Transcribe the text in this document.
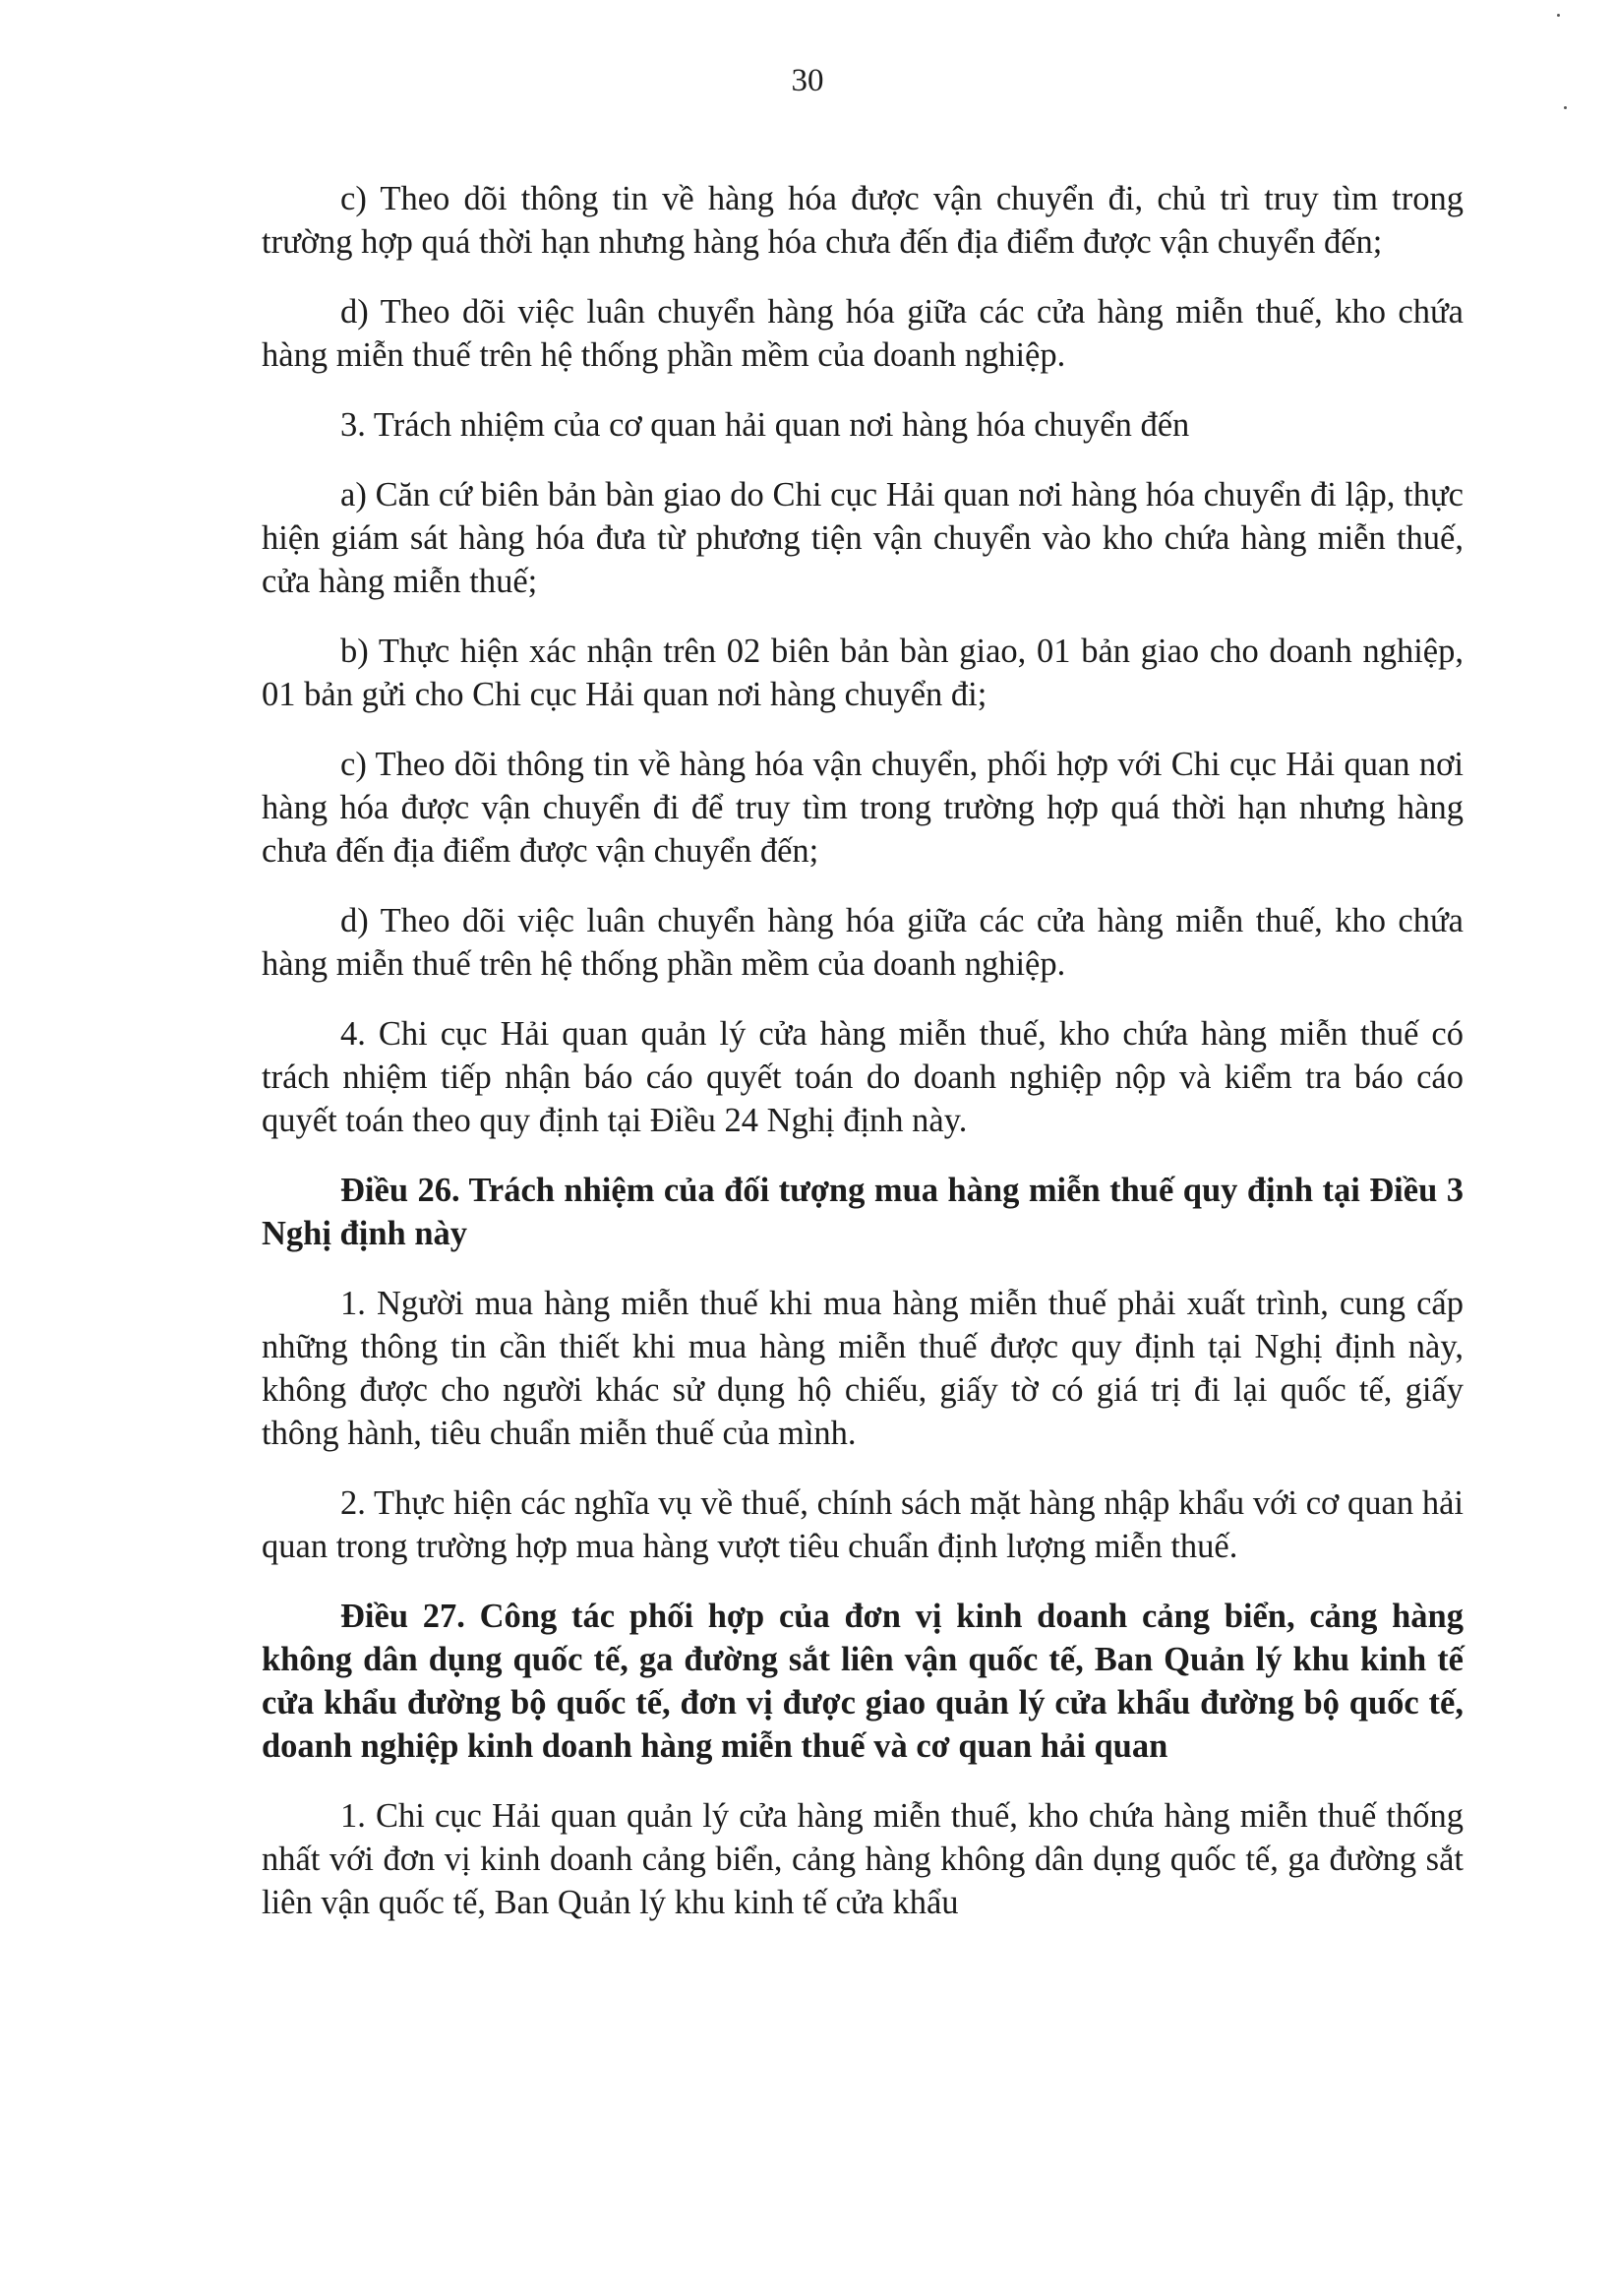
30

c) Theo dõi thông tin về hàng hóa được vận chuyển đi, chủ trì truy tìm trong trường hợp quá thời hạn nhưng hàng hóa chưa đến địa điểm được vận chuyển đến;

d) Theo dõi việc luân chuyển hàng hóa giữa các cửa hàng miễn thuế, kho chứa hàng miễn thuế trên hệ thống phần mềm của doanh nghiệp.

3. Trách nhiệm của cơ quan hải quan nơi hàng hóa chuyển đến

a) Căn cứ biên bản bàn giao do Chi cục Hải quan nơi hàng hóa chuyển đi lập, thực hiện giám sát hàng hóa đưa từ phương tiện vận chuyển vào kho chứa hàng miễn thuế, cửa hàng miễn thuế;

b) Thực hiện xác nhận trên 02 biên bản bàn giao, 01 bản giao cho doanh nghiệp, 01 bản gửi cho Chi cục Hải quan nơi hàng chuyển đi;

c) Theo dõi thông tin về hàng hóa vận chuyển, phối hợp với Chi cục Hải quan nơi hàng hóa được vận chuyển đi để truy tìm trong trường hợp quá thời hạn nhưng hàng chưa đến địa điểm được vận chuyển đến;

d) Theo dõi việc luân chuyển hàng hóa giữa các cửa hàng miễn thuế, kho chứa hàng miễn thuế trên hệ thống phần mềm của doanh nghiệp.

4. Chi cục Hải quan quản lý cửa hàng miễn thuế, kho chứa hàng miễn thuế có trách nhiệm tiếp nhận báo cáo quyết toán do doanh nghiệp nộp và kiểm tra báo cáo quyết toán theo quy định tại Điều 24 Nghị định này.

Điều 26. Trách nhiệm của đối tượng mua hàng miễn thuế quy định tại Điều 3 Nghị định này

1. Người mua hàng miễn thuế khi mua hàng miễn thuế phải xuất trình, cung cấp những thông tin cần thiết khi mua hàng miễn thuế được quy định tại Nghị định này, không được cho người khác sử dụng hộ chiếu, giấy tờ có giá trị đi lại quốc tế, giấy thông hành, tiêu chuẩn miễn thuế của mình.

2. Thực hiện các nghĩa vụ về thuế, chính sách mặt hàng nhập khẩu với cơ quan hải quan trong trường hợp mua hàng vượt tiêu chuẩn định lượng miễn thuế.

Điều 27. Công tác phối hợp của đơn vị kinh doanh cảng biển, cảng hàng không dân dụng quốc tế, ga đường sắt liên vận quốc tế, Ban Quản lý khu kinh tế cửa khẩu đường bộ quốc tế, đơn vị được giao quản lý cửa khẩu đường bộ quốc tế, doanh nghiệp kinh doanh hàng miễn thuế và cơ quan hải quan

1. Chi cục Hải quan quản lý cửa hàng miễn thuế, kho chứa hàng miễn thuế thống nhất với đơn vị kinh doanh cảng biển, cảng hàng không dân dụng quốc tế, ga đường sắt liên vận quốc tế, Ban Quản lý khu kinh tế cửa khẩu
